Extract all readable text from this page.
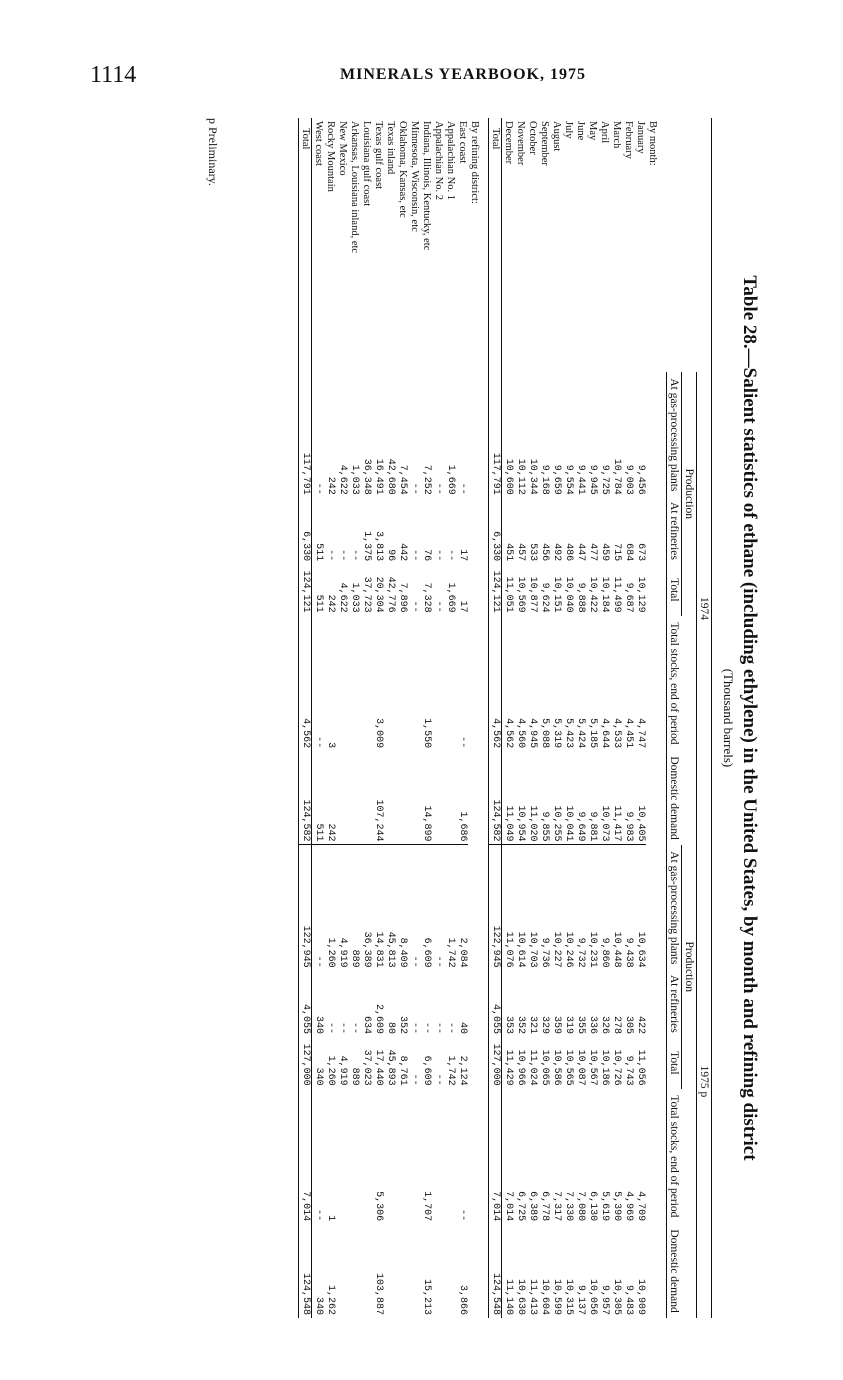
1114	MINERALS YEARBOOK, 1975
Table 28.—Salient statistics of ethane (including ethylene) in the United States, by month and refining district
(Thousand barrels)
	1974					1975 p				
	Production			Total stocks, end of period	Domestic demand	Production			Total stocks, end of period	Domestic demand
	At gas-processing plants	At refineries	Total			At gas-processing plants	At refineries	Total		
By month:										
January	9,456	673	10,129	4,747	10,405	10,634	422	11,056	4,709	10,909
February	9,003	684	9,687	4,451	9,983	9,438	305	9,743	4,969	9,483
March	10,784	715	11,499	4,533	11,417	10,448	278	10,726	5,390	10,305
April	9,725	459	10,184	4,644	10,073	9,860	326	10,186	5,619	9,957
May	9,945	477	10,422	5,185	9,881	10,231	336	10,567	6,130	10,056
June	9,441	447	9,888	5,424	9,649	9,732	355	10,087	7,080	9,137
July	9,554	486	10,040	5,423	10,041	10,246	319	10,565	7,330	10,315
August	9,659	492	10,151	5,319	10,255	10,227	359	10,586	7,317	10,599
September	9,168	456	9,624	5,088	9,855	9,736	329	10,065	6,778	10,604
October	10,344	533	10,877	4,945	11,020	10,703	321	11,024	6,389	11,413
November	10,112	457	10,569	4,560	10,954	10,614	352	10,966	6,725	10,630
December	10,600	451	11,051	4,562	11,049	11,076	353	11,429	7,014	11,140
Total	117,791	6,330	124,121	4,562	124,582	122,945	4,055	127,000	7,014	124,548
By refining district:										
East coast	--	17	17	--	1,686	2,084	40	2,124	--	3,866
Appalachian No. 1	1,669	--	1,669			1,742	--	1,742		
Appalachian No. 2	--	--	--			--	--	--		
Indiana, Illinois, Kentucky, etc	7,252	76	7,328	1,550	14,899	6,609	--	6,609	1,707	15,213
Minnesota, Wisconsin, etc	--	--	--			--	--	--		
Oklahoma, Kansas, etc	7,454	442	7,896			8,409	352	8,761		
Texas inland	42,680	96	42,776			45,813	80	45,893		
Texas gulf coast	16,491	3,813	20,304	3,009	107,244	14,831	2,609	17,440	5,306	103,887
Louisiana gulf coast	36,348	1,375	37,723			36,389	634	37,023		
Arkansas, Louisiana inland, etc	1,033	--	1,033			889	--	889		
New Mexico	4,622	--	4,622			4,919	--	4,919		
Rocky Mountain	242	--	242	3	242	1,260	--	1,260	1	1,262
West coast	--	511	511	--	511	--	340	340	--	340
Total	117,791	6,330	124,121	4,562	124,582	122,945	4,055	127,000	7,014	124,548
p Preliminary.
